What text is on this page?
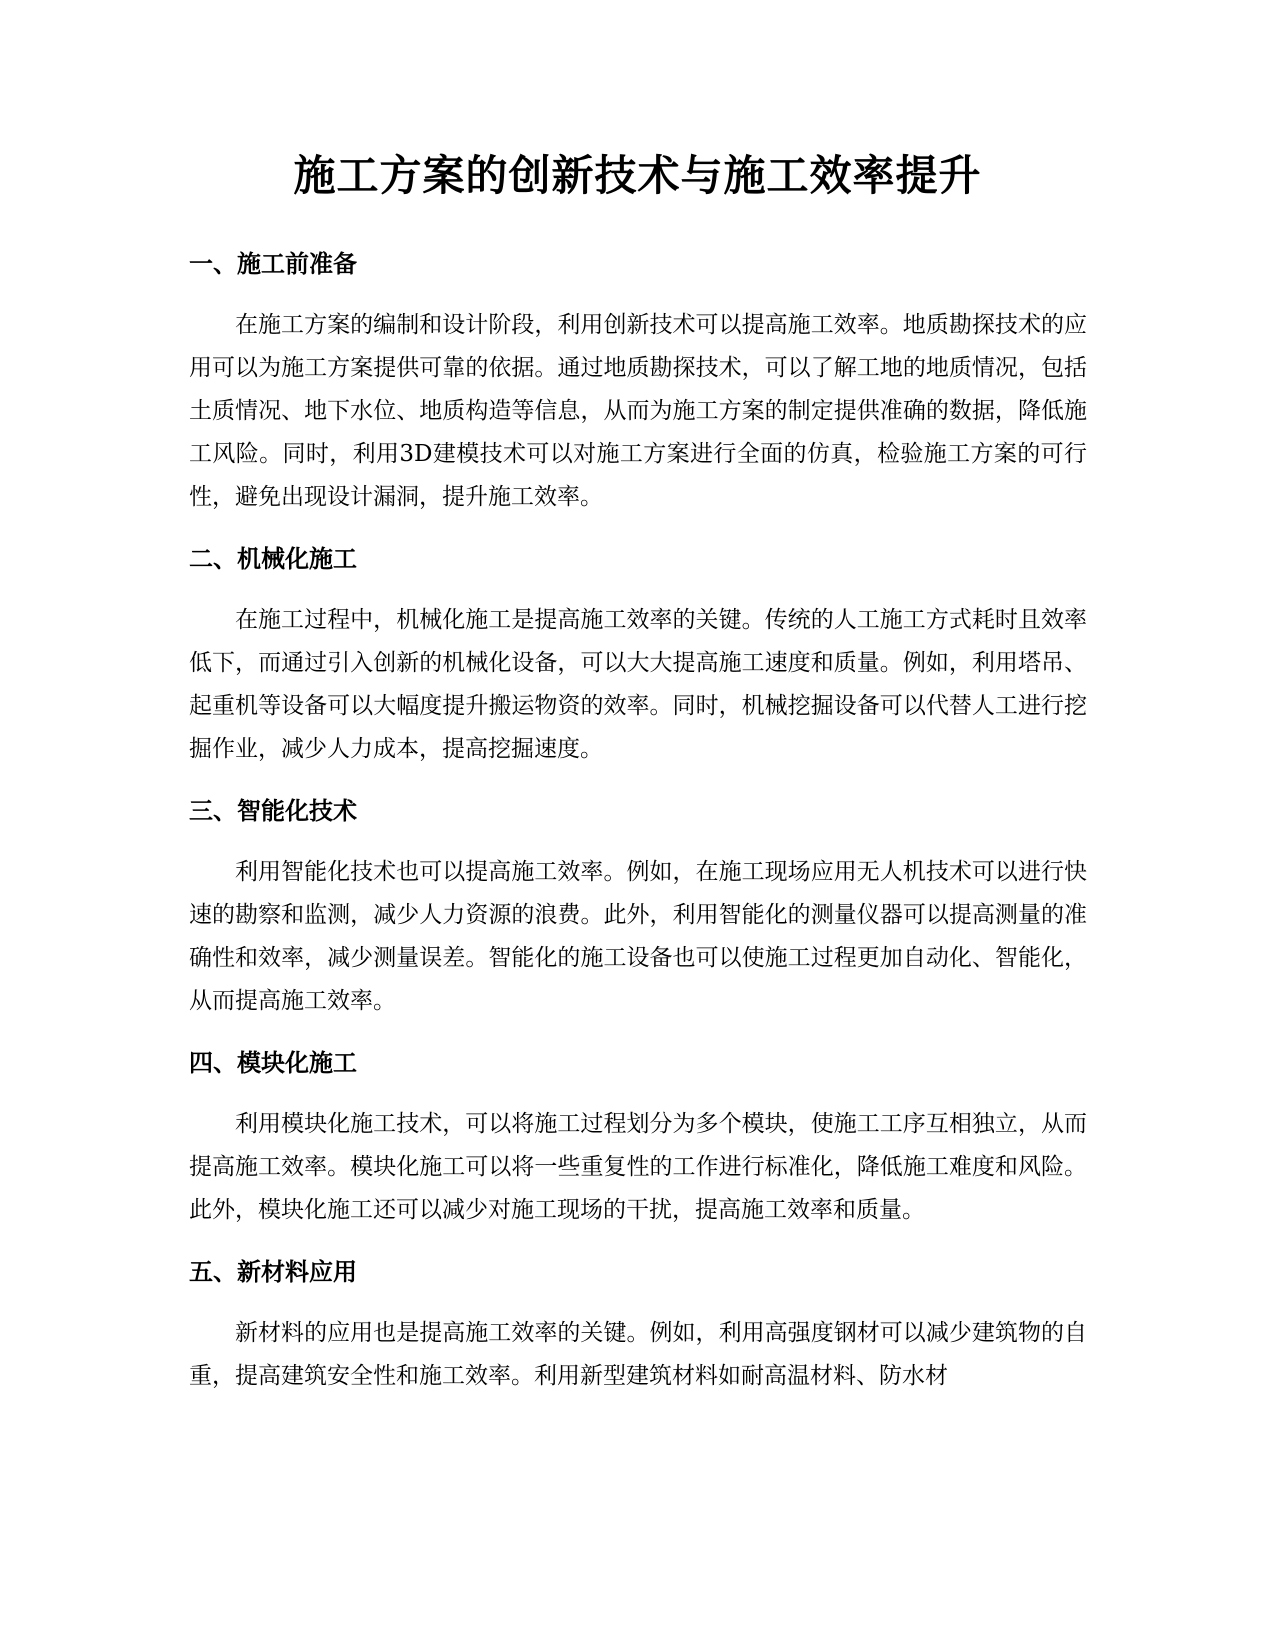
施工方案的创新技术与施工效率提升
一、施工前准备

在施工方案的编制和设计阶段，利用创新技术可以提高施工效率。地质勘探技术的应用可以为施工方案提供可靠的依据。通过地质勘探技术，可以了解工地的地质情况，包括土质情况、地下水位、地质构造等信息，从而为施工方案的制定提供准确的数据，降低施工风险。同时，利用3D建模技术可以对施工方案进行全面的仿真，检验施工方案的可行性，避免出现设计漏洞，提升施工效率。

二、机械化施工

在施工过程中，机械化施工是提高施工效率的关键。传统的人工施工方式耗时且效率低下，而通过引入创新的机械化设备，可以大大提高施工速度和质量。例如，利用塔吊、起重机等设备可以大幅度提升搬运物资的效率。同时，机械挖掘设备可以代替人工进行挖掘作业，减少人力成本，提高挖掘速度。

三、智能化技术

利用智能化技术也可以提高施工效率。例如，在施工现场应用无人机技术可以进行快速的勘察和监测，减少人力资源的浪费。此外，利用智能化的测量仪器可以提高测量的准确性和效率，减少测量误差。智能化的施工设备也可以使施工过程更加自动化、智能化，从而提高施工效率。

四、模块化施工

利用模块化施工技术，可以将施工过程划分为多个模块，使施工工序互相独立，从而提高施工效率。模块化施工可以将一些重复性的工作进行标准化，降低施工难度和风险。此外，模块化施工还可以减少对施工现场的干扰，提高施工效率和质量。

五、新材料应用

新材料的应用也是提高施工效率的关键。例如，利用高强度钢材可以减少建筑物的自重，提高建筑安全性和施工效率。利用新型建筑材料如耐高温材料、防水材
